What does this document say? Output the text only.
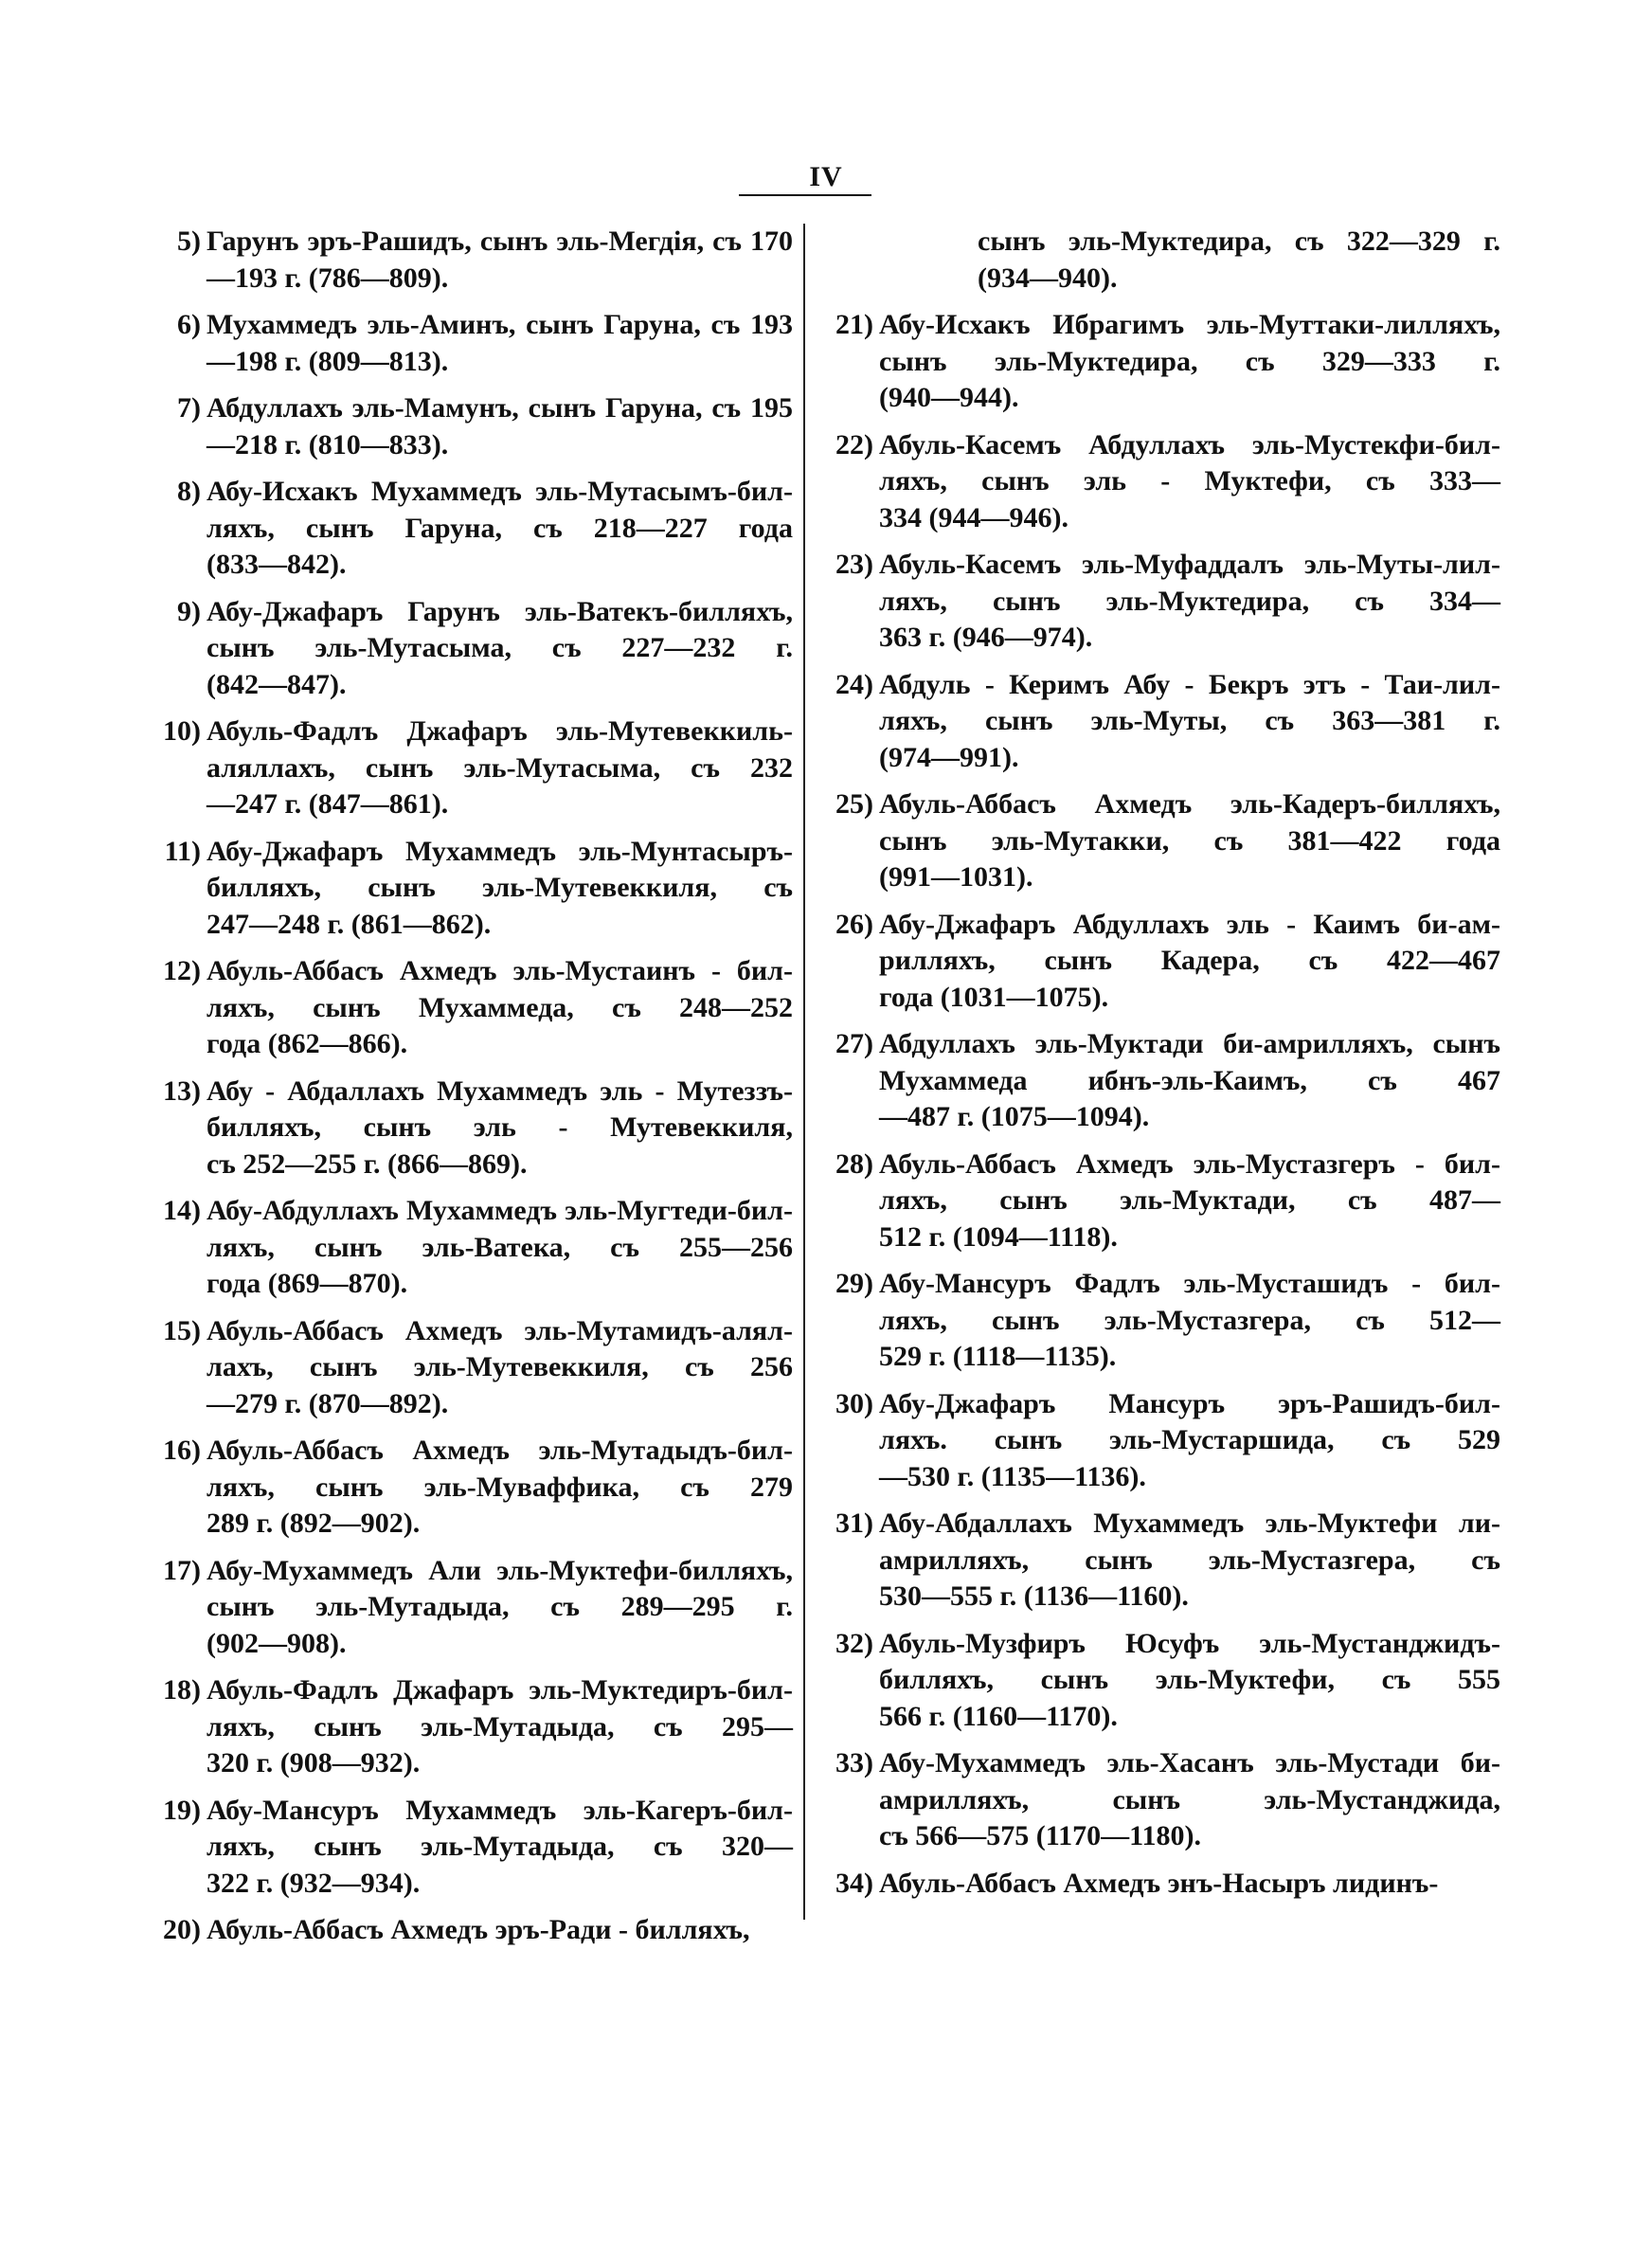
IV
5) Гарунъ эръ-Рашидъ, сынъ эль-Мегдія, съ 170
—193 г. (786—809).
6) Мухаммедъ эль-Аминъ, сынъ Гаруна, съ 193
—198 г. (809—813).
7) Абдуллахъ эль-Мамунъ, сынъ Гаруна, съ 195
—218 г. (810—833).
8) Абу-Исхакъ Мухаммедъ эль-Мутасымъ-бил-
ляхъ, сынъ Гаруна, съ 218—227 года
(833—842).
9) Абу-Джафаръ Гарунъ эль-Ватекъ-билляхъ,
сынъ эль-Мутасыма, съ 227—232 г.
(842—847).
10) Абуль-Фадлъ Джафаръ эль-Мутевеккиль-
аляллахъ, сынъ эль-Мутасыма, съ 232
—247 г. (847—861).
11) Абу-Джафаръ Мухаммедъ эль-Мунтасыръ-
билляхъ, сынъ эль-Мутевеккиля, съ
247—248 г. (861—862).
12) Абуль-Аббасъ Ахмедъ эль-Мустаинъ - бил-
ляхъ, сынъ Мухаммеда, съ 248—252
года (862—866).
13) Абу - Абдаллахъ Мухаммедъ эль - Мутеззъ-
билляхъ, сынъ эль - Мутевеккиля,
съ 252—255 г. (866—869).
14) Абу-Абдуллахъ Мухаммедъ эль-Мугтеди-бил-
ляхъ, сынъ эль-Ватека, съ 255—256
года (869—870).
15) Абуль-Аббасъ Ахмедъ эль-Мутамидъ-алял-
лахъ, сынъ эль-Мутевеккиля, съ 256
—279 г. (870—892).
16) Абуль-Аббасъ Ахмедъ эль-Мутадыдъ-бил-
ляхъ, сынъ эль-Муваффика, съ 279
289 г. (892—902).
17) Абу-Мухаммедъ Али эль-Муктефи-билляхъ,
сынъ эль-Мутадыда, съ 289—295 г.
(902—908).
18) Абуль-Фадлъ Джафаръ эль-Муктедиръ-бил-
ляхъ, сынъ эль-Мутадыда, съ 295—
320 г. (908—932).
19) Абу-Мансуръ Мухаммедъ эль-Кагеръ-бил-
ляхъ, сынъ эль-Мутадыда, съ 320—
322 г. (932—934).
20) Абуль-Аббасъ Ахмедъ эръ-Ради - билляхъ,
сынъ эль-Муктедира, съ 322—329 г.
(934—940).
21) Абу-Исхакъ Ибрагимъ эль-Муттаки-лилляхъ,
сынъ эль-Муктедира, съ 329—333 г.
(940—944).
22) Абуль-Касемъ Абдуллахъ эль-Мустекфи-бил-
ляхъ, сынъ эль - Муктефи, съ 333—
334 (944—946).
23) Абуль-Касемъ эль-Муфаддалъ эль-Муты-лил-
ляхъ, сынъ эль-Муктедира, съ 334—
363 г. (946—974).
24) Абдуль - Керимъ Абу - Бекръ этъ - Таи-лил-
ляхъ, сынъ эль-Муты, съ 363—381 г.
(974—991).
25) Абуль-Аббасъ Ахмедъ эль-Кадеръ-билляхъ,
сынъ эль-Мутакки, съ 381—422 года
(991—1031).
26) Абу-Джафаръ Абдуллахъ эль - Каимъ би-ам-
рилляхъ, сынъ Кадера, съ 422—467
года (1031—1075).
27) Абдуллахъ эль-Муктади би-амрилляхъ, сынъ
Мухаммеда ибнъ-эль-Каимъ, съ 467
—487 г. (1075—1094).
28) Абуль-Аббасъ Ахмедъ эль-Мустазгеръ - бил-
ляхъ, сынъ эль-Муктади, съ 487—
512 г. (1094—1118).
29) Абу-Мансуръ Фадлъ эль-Мусташидъ - бил-
ляхъ, сынъ эль-Мустазгера, съ 512—
529 г. (1118—1135).
30) Абу-Джафаръ Мансуръ эръ-Рашидъ-бил-
ляхъ. сынъ эль-Мустаршида, съ 529
—530 г. (1135—1136).
31) Абу-Абдаллахъ Мухаммедъ эль-Муктефи ли-
амрилляхъ, сынъ эль-Мустазгера, съ
530—555 г. (1136—1160).
32) Абуль-Музфиръ Юсуфъ эль-Мустанджидъ-
билляхъ, сынъ эль-Муктефи, съ 555
566 г. (1160—1170).
33) Абу-Мухаммедъ эль-Хасанъ эль-Мустади би-
амрилляхъ, сынъ эль-Мустанджида,
съ 566—575 (1170—1180).
34) Абуль-Аббасъ Ахмедъ энъ-Насыръ лидинъ-
